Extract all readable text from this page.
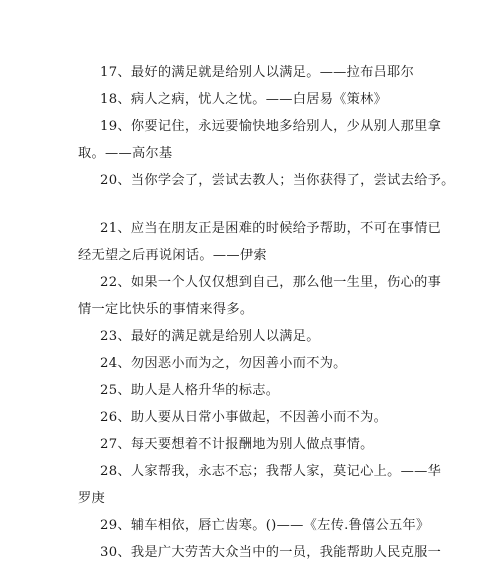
17、最好的满足就是给别人以满足。——拉布吕耶尔
18、病人之病，忧人之忧。——白居易《策林》
19、你要记住，永远要愉快地多给别人，少从别人那里拿
取。——高尔基
20、当你学会了，尝试去教人；当你获得了，尝试去给予。
21、应当在朋友正是困难的时候给予帮助，不可在事情已
经无望之后再说闲话。——伊索
22、如果一个人仅仅想到自己，那么他一生里，伤心的事
情一定比快乐的事情来得多。
23、最好的满足就是给别人以满足。
24、勿因恶小而为之，勿因善小而不为。
25、助人是人格升华的标志。
26、助人要从日常小事做起，不因善小而不为。
27、每天要想着不计报酬地为别人做点事情。
28、人家帮我，永志不忘；我帮人家，莫记心上。——华
罗庚
29、辅车相依，唇亡齿寒。()——《左传.鲁僖公五年》
30、我是广大劳苦大众当中的一员，我能帮助人民克服一
